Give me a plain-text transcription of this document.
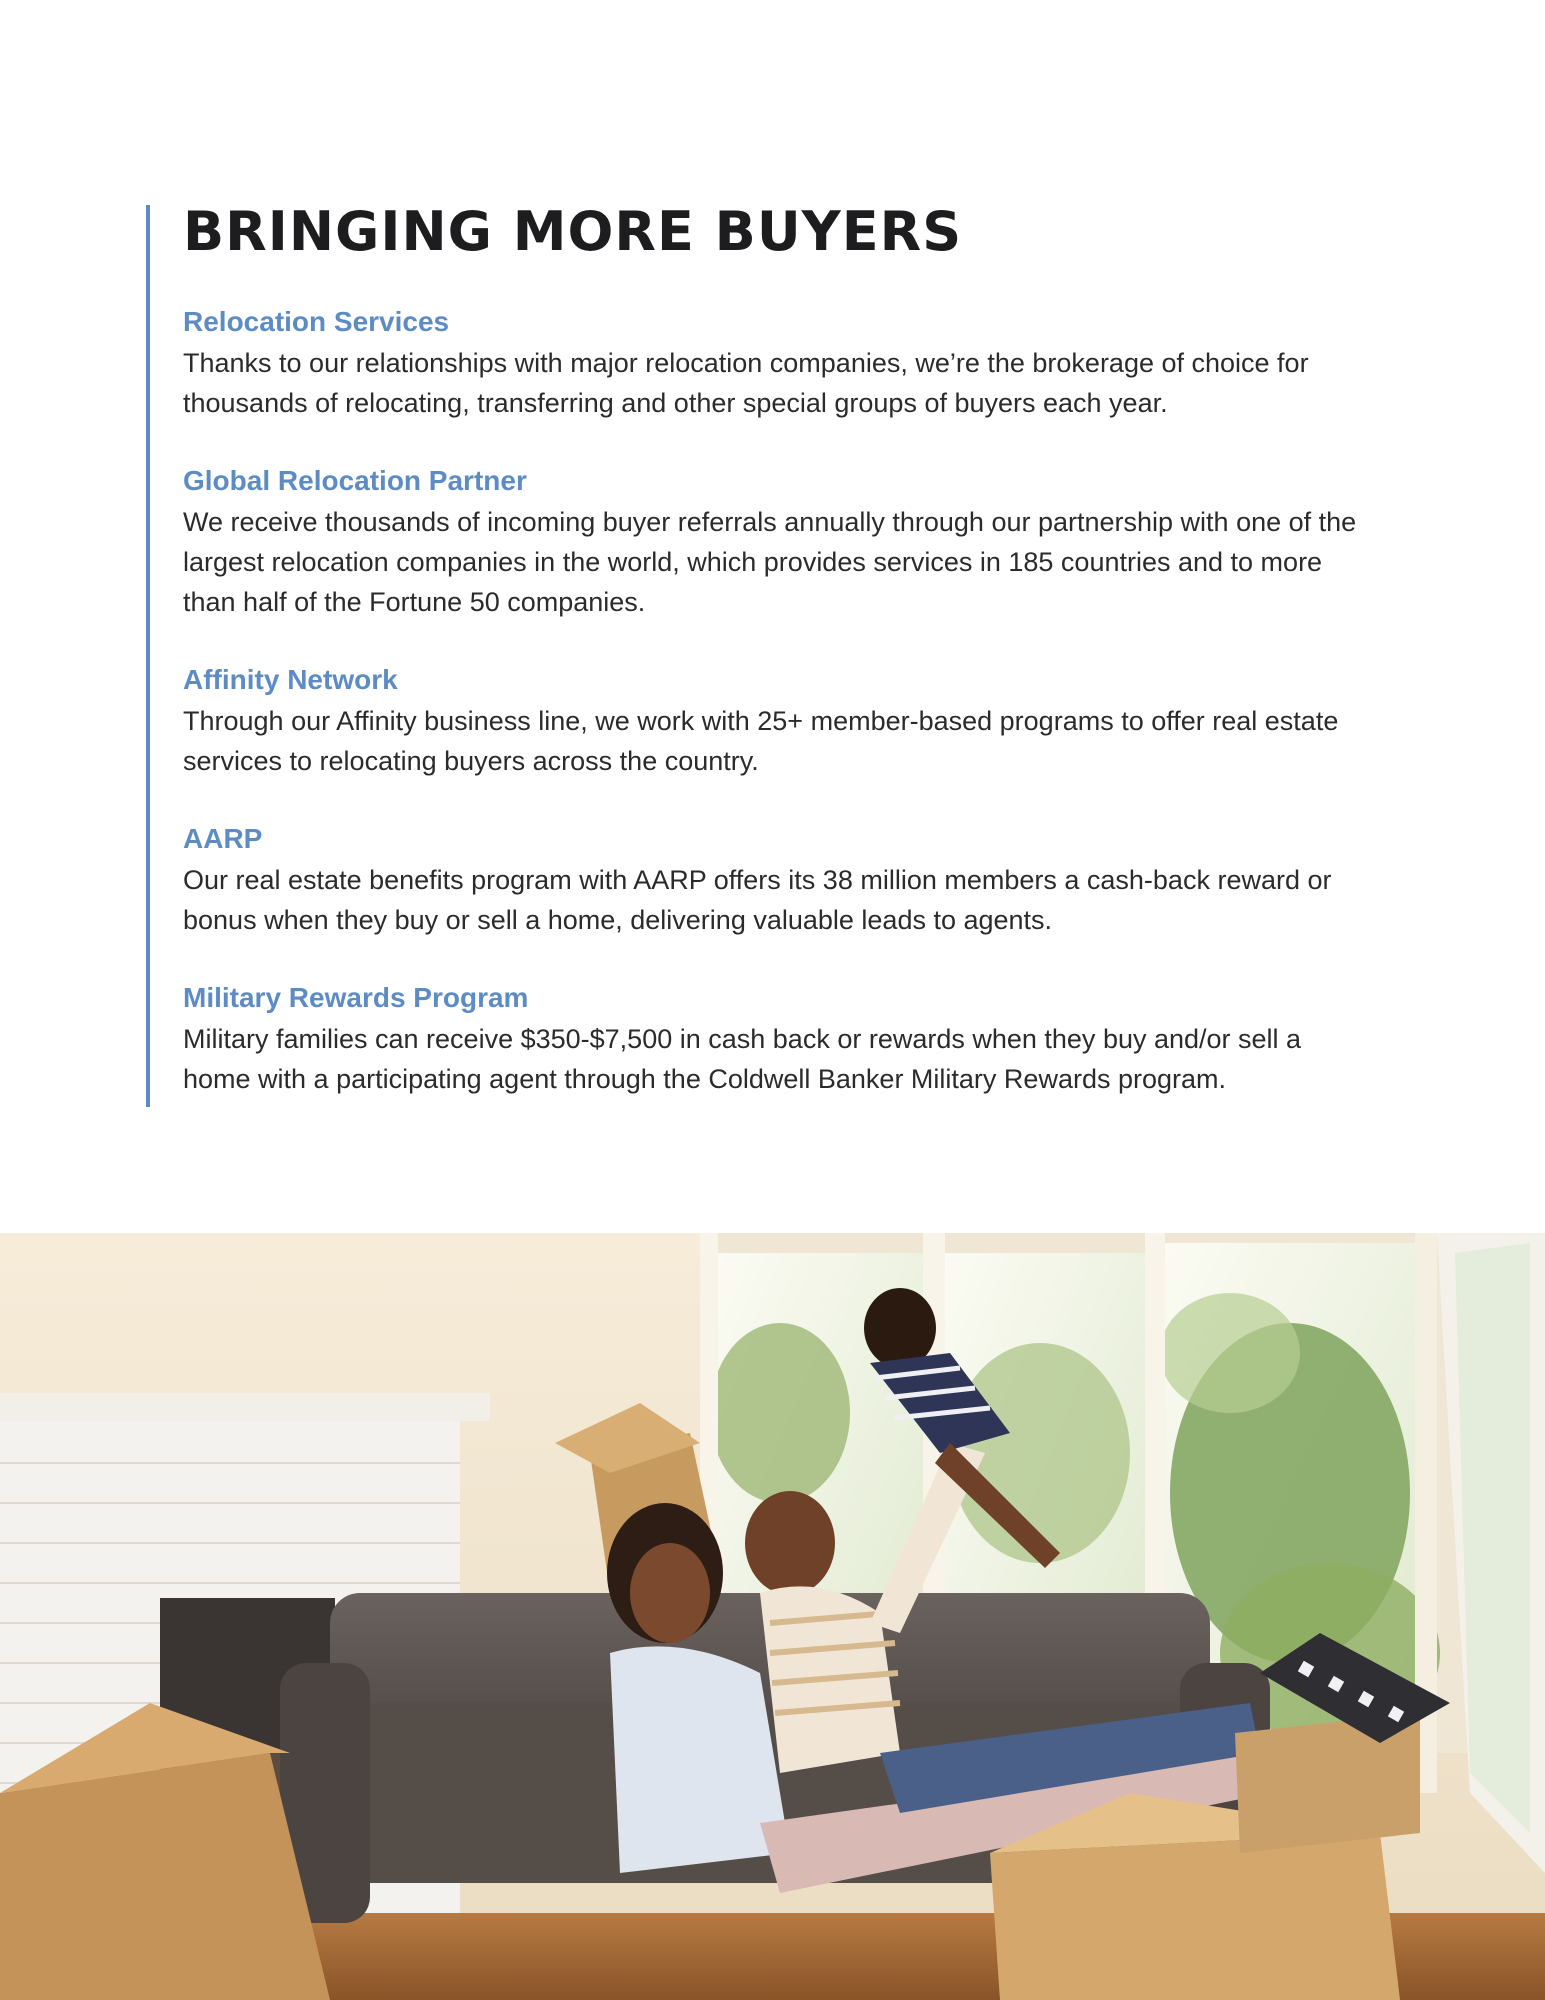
BRINGING MORE BUYERS
Relocation Services

Thanks to our relationships with major relocation companies, we’re the brokerage of choice for thousands of relocating, transferring and other special groups of buyers each year.

Global Relocation Partner

We receive thousands of incoming buyer referrals annually through our partnership with one of the largest relocation companies in the world, which provides services in 185 countries and to more than half of the Fortune 50 companies.

Affinity Network

Through our Affinity business line, we work with 25+ member-based programs to offer real estate services to relocating buyers across the country.

AARP

Our real estate benefits program with AARP offers its 38 million members a cash-back reward or bonus when they buy or sell a home, delivering valuable leads to agents.

Military Rewards Program

Military families can receive $350-$7,500 in cash back or rewards when they buy and/or sell a home with a participating agent through the Coldwell Banker Military Rewards program.
